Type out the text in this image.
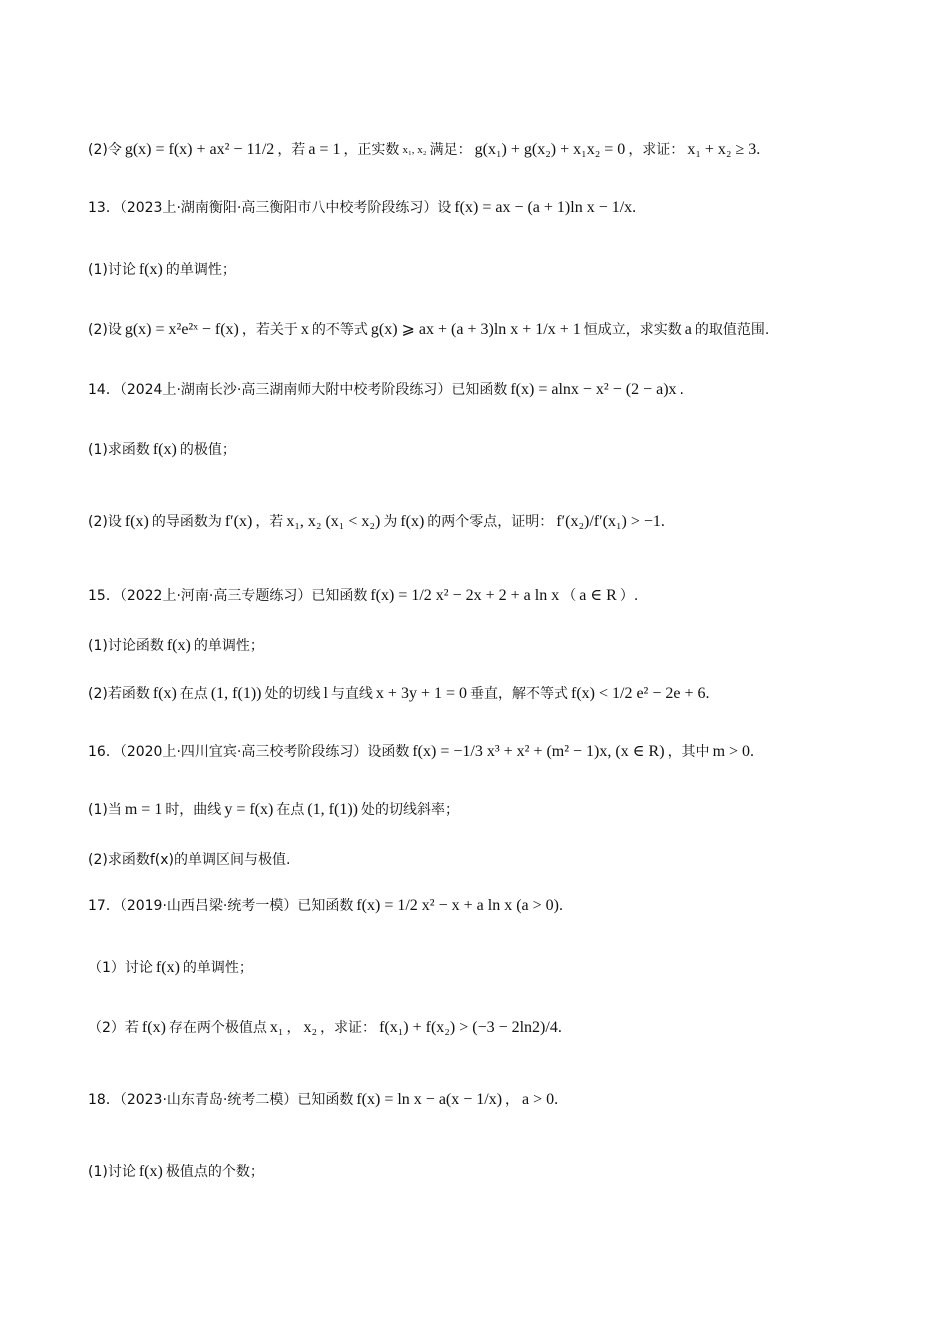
(2)令 g(x) = f(x) + ax² − 11/2 ，若 a = 1 ，正实数 x₁, x₂ 满足： g(x₁) + g(x₂) + x₁x₂ = 0 ，求证： x₁ + x₂ ≥ 3.
13．（2023上·湖南衡阳·高三衡阳市八中校考阶段练习）设 f(x) = ax − (a + 1)ln x − 1/x.
(1)讨论 f(x) 的单调性；
(2)设 g(x) = x²e²ˣ − f(x) ，若关于 x 的不等式 g(x) ⩾ ax + (a + 3)ln x + 1/x + 1 恒成立，求实数 a 的取值范围.
14．（2024上·湖南长沙·高三湖南师大附中校考阶段练习）已知函数 f(x) = alnx − x² − (2 − a)x .
(1)求函数 f(x) 的极值；
(2)设 f(x) 的导函数为 f′(x) ，若 x₁, x₂ (x₁ < x₂) 为 f(x) 的两个零点，证明： f′(x₂)/f′(x₁) > −1.
15．（2022上·河南·高三专题练习）已知函数 f(x) = 1/2 x² − 2x + 2 + a ln x （ a ∈ R ）.
(1)讨论函数 f(x) 的单调性；
(2)若函数 f(x) 在点 (1, f(1)) 处的切线 l 与直线 x + 3y + 1 = 0 垂直，解不等式 f(x) < 1/2 e² − 2e + 6.
16．（2020上·四川宜宾·高三校考阶段练习）设函数 f(x) = −1/3 x³ + x² + (m² − 1)x, (x ∈ R) ，其中 m > 0.
(1)当 m = 1 时，曲线 y = f(x) 在点 (1, f(1)) 处的切线斜率；
(2)求函数f(x)的单调区间与极值.
17．（2019·山西吕梁·统考一模）已知函数 f(x) = 1/2 x² − x + a ln x (a > 0).
（1）讨论 f(x) 的单调性；
（2）若 f(x) 存在两个极值点 x₁ ， x₂ ，求证： f(x₁) + f(x₂) > (−3 − 2ln2)/4.
18．（2023·山东青岛·统考二模）已知函数 f(x) = ln x − a(x − 1/x) ， a > 0.
(1)讨论 f(x) 极值点的个数；
